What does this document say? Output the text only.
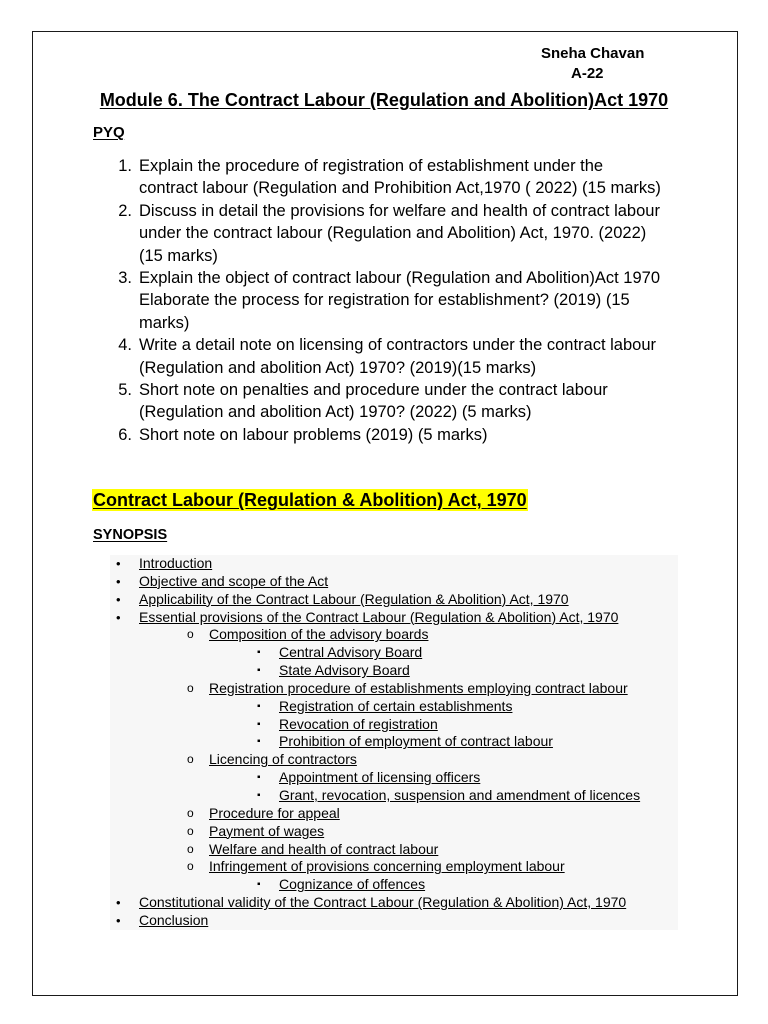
Sneha Chavan
A-22
Module 6. The Contract Labour (Regulation and Abolition)Act 1970
PYQ
1. Explain the procedure of registration of establishment under the
contract labour (Regulation and Prohibition Act,1970 ( 2022) (15 marks)
2. Discuss in detail the provisions for welfare and health of contract labour
under the contract labour (Regulation and Abolition) Act, 1970. (2022)
(15 marks)
3. Explain the object of contract labour (Regulation and Abolition)Act 1970
Elaborate the process for registration for establishment? (2019) (15
marks)
4. Write a detail note on licensing of contractors under the contract labour
(Regulation and abolition Act) 1970? (2019)(15 marks)
5. Short note on penalties and procedure under the contract labour
(Regulation and abolition Act) 1970? (2022) (5 marks)
6. Short note on labour problems (2019) (5 marks)
Contract Labour (Regulation & Abolition) Act, 1970
SYNOPSIS
• Introduction
• Objective and scope of the Act
• Applicability of the Contract Labour (Regulation & Abolition) Act, 1970
• Essential provisions of the Contract Labour (Regulation & Abolition) Act, 1970
o Composition of the advisory boards
▪ Central Advisory Board
▪ State Advisory Board
o Registration procedure of establishments employing contract labour
▪ Registration of certain establishments
▪ Revocation of registration
▪ Prohibition of employment of contract labour
o Licencing of contractors
▪ Appointment of licensing officers
▪ Grant, revocation, suspension and amendment of licences
o Procedure for appeal
o Payment of wages
o Welfare and health of contract labour
o Infringement of provisions concerning employment labour
▪ Cognizance of offences
• Constitutional validity of the Contract Labour (Regulation & Abolition) Act, 1970
• Conclusion
